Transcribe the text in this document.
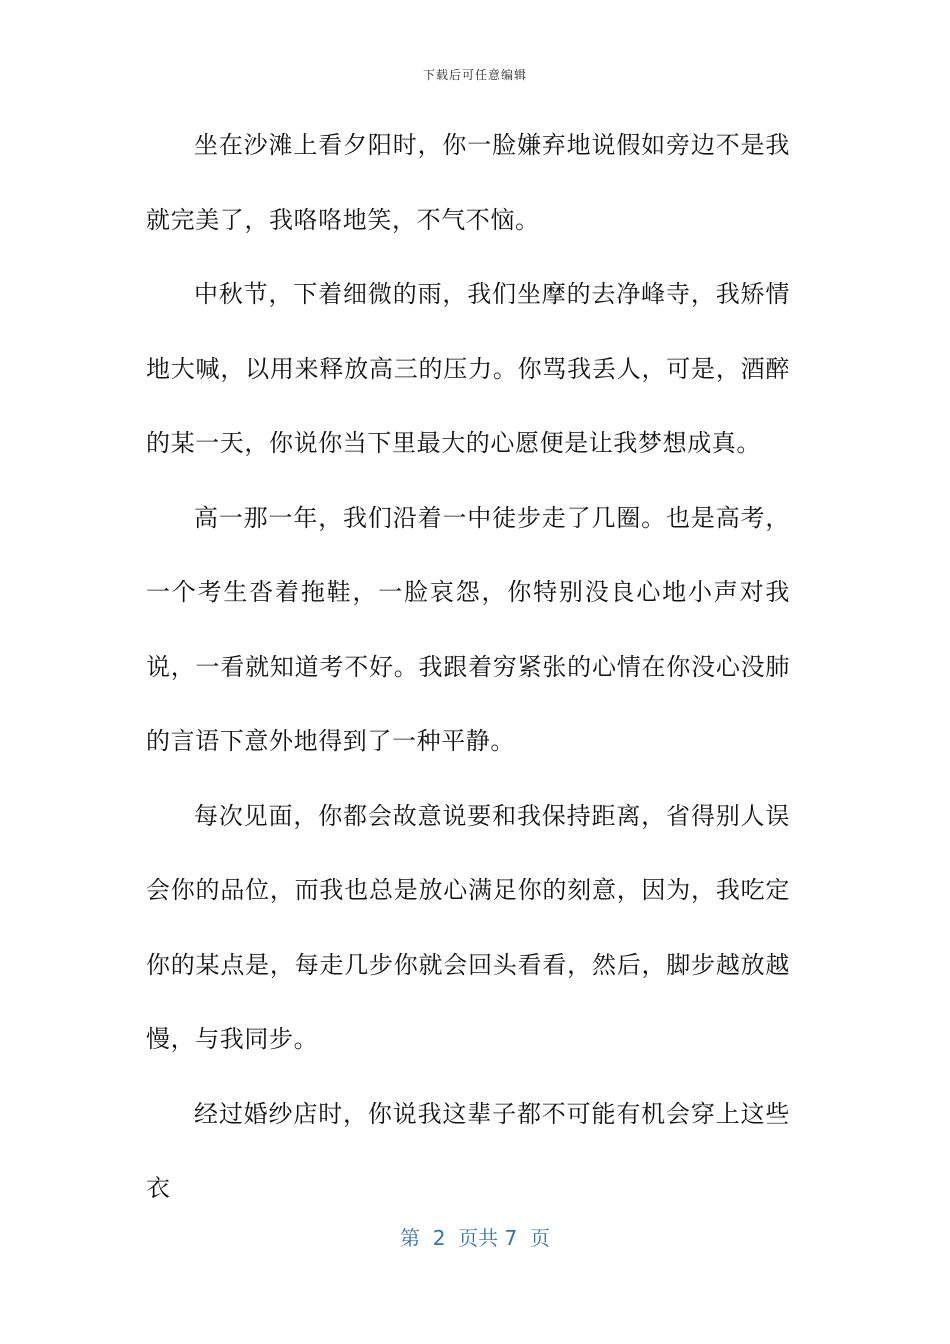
下载后可任意编辑

坐在沙滩上看夕阳时，你一脸嫌弃地说假如旁边不是我就完美了，我咯咯地笑，不气不恼。

中秋节，下着细微的雨，我们坐摩的去净峰寺，我矫情地大喊，以用来释放高三的压力。你骂我丢人，可是，酒醉的某一天，你说你当下里最大的心愿便是让我梦想成真。

高一那一年，我们沿着一中徒步走了几圈。也是高考，一个考生沓着拖鞋，一脸哀怨，你特别没良心地小声对我说，一看就知道考不好。我跟着穷紧张的心情在你没心没肺的言语下意外地得到了一种平静。

每次见面，你都会故意说要和我保持距离，省得别人误会你的品位，而我也总是放心满足你的刻意，因为，我吃定你的某点是，每走几步你就会回头看看，然后，脚步越放越慢，与我同步。

经过婚纱店时，你说我这辈子都不可能有机会穿上这些衣

第  2  页共 7  页
